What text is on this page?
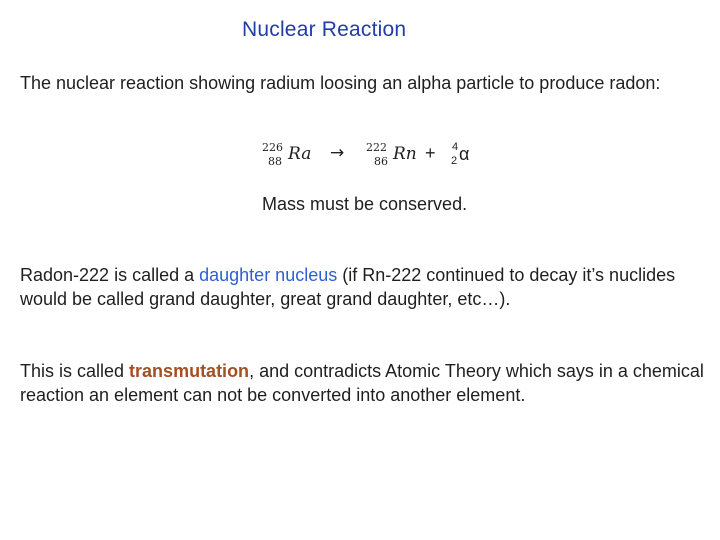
Nuclear Reaction
The nuclear reaction showing radium loosing an alpha particle to produce radon:
226
88 Ra → 222
86 Rn + 4
2 α
Mass must be conserved.
Radon-222 is called a daughter nucleus (if Rn-222 continued to decay it’s nuclides would be called grand daughter, great grand daughter, etc…).
This is called transmutation, and contradicts Atomic Theory which says in a chemical reaction an element can not be converted into another element.
